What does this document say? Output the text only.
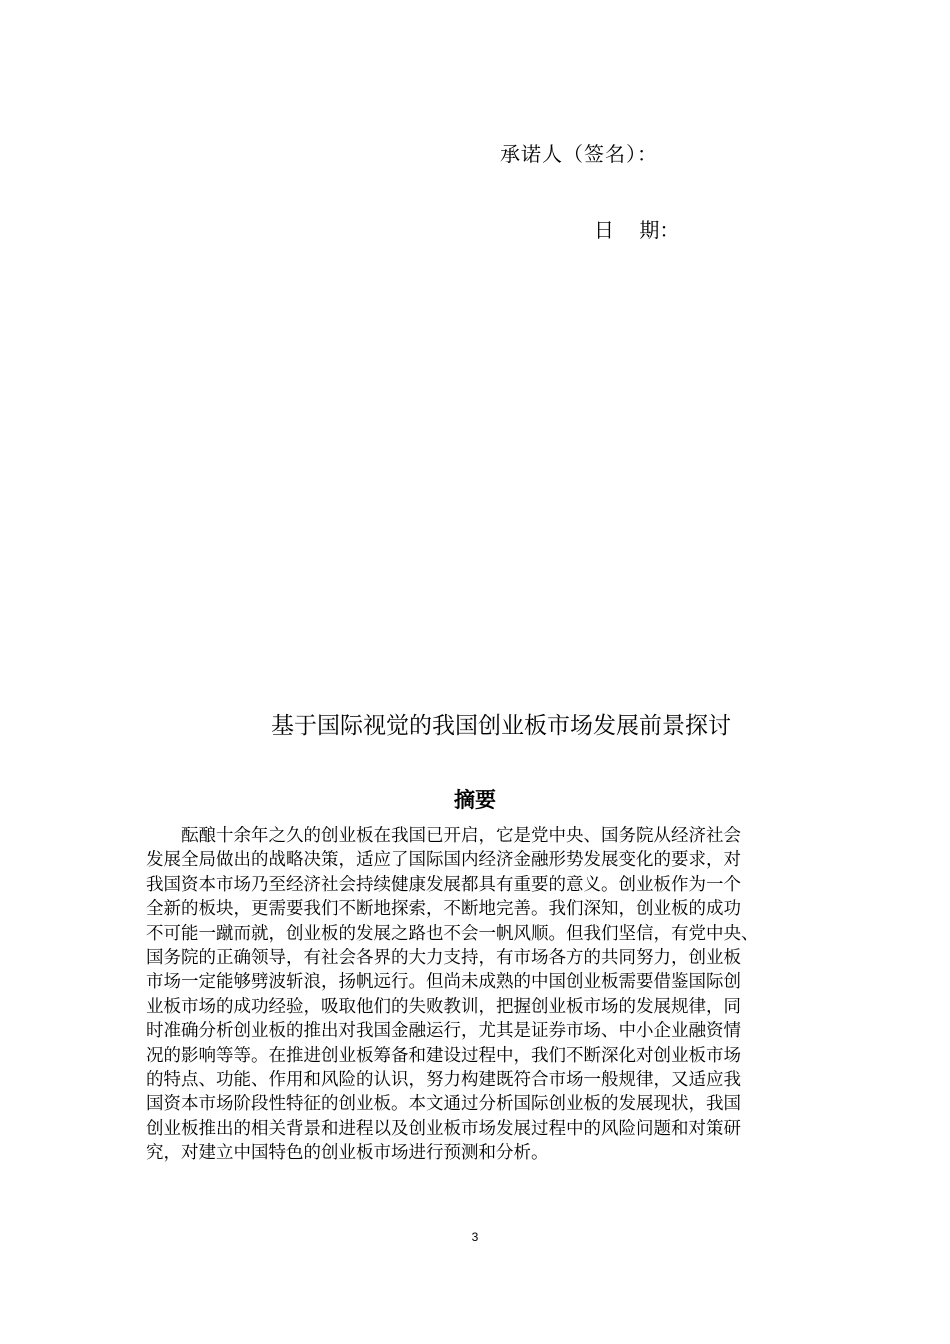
承诺人（签名）：
日    期：
基于国际视觉的我国创业板市场发展前景探讨
摘要
酝酿十余年之久的创业板在我国已开启，它是党中央、国务院从经济社会
发展全局做出的战略决策，适应了国际国内经济金融形势发展变化的要求，对
我国资本市场乃至经济社会持续健康发展都具有重要的意义。创业板作为一个
全新的板块，更需要我们不断地探索，不断地完善。我们深知，创业板的成功
不可能一蹴而就，创业板的发展之路也不会一帆风顺。但我们坚信，有党中央、
国务院的正确领导，有社会各界的大力支持，有市场各方的共同努力，创业板
市场一定能够劈波斩浪，扬帆远行。但尚未成熟的中国创业板需要借鉴国际创
业板市场的成功经验，吸取他们的失败教训，把握创业板市场的发展规律，同
时准确分析创业板的推出对我国金融运行，尤其是证券市场、中小企业融资情
况的影响等等。在推进创业板筹备和建设过程中，我们不断深化对创业板市场
的特点、功能、作用和风险的认识，努力构建既符合市场一般规律，又适应我
国资本市场阶段性特征的创业板。本文通过分析国际创业板的发展现状，我国
创业板推出的相关背景和进程以及创业板市场发展过程中的风险问题和对策研
究，对建立中国特色的创业板市场进行预测和分析。
3
